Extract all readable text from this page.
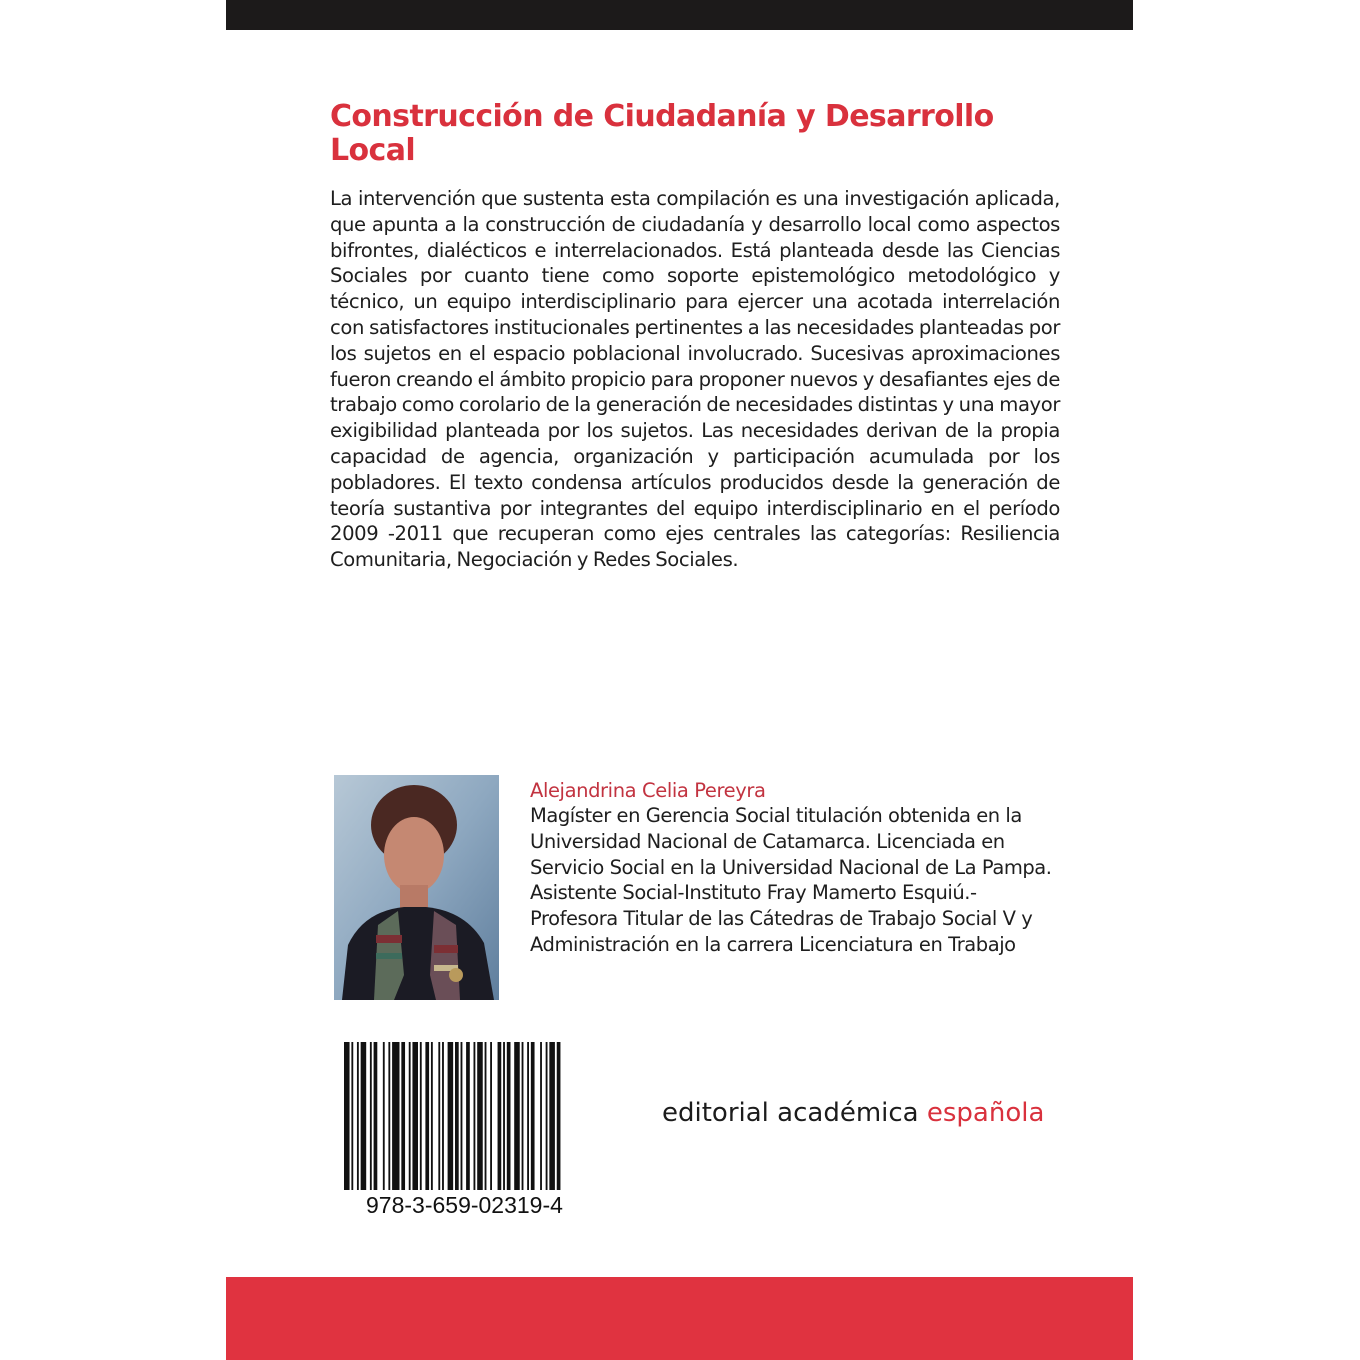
Construcción de Ciudadanía y Desarrollo Local

La intervención que sustenta esta compilación es una investigación aplicada, que apunta a la construcción de ciudadanía y desarrollo local como aspectos bifrontes, dialécticos e interrelacionados. Está planteada desde las Ciencias Sociales por cuanto tiene como soporte epistemológico metodológico y técnico, un equipo interdisciplinario para ejercer una acotada interrelación con satisfactores institucionales pertinentes a las necesidades planteadas por los sujetos en el espacio poblacional involucrado. Sucesivas aproximaciones fueron creando el ámbito propicio para proponer nuevos y desafiantes ejes de trabajo como corolario de la generación de necesidades distintas y una mayor exigibilidad planteada por los sujetos. Las necesidades derivan de la propia capacidad de agencia, organización y participación acumulada por los pobladores. El texto condensa artículos producidos desde la generación de teoría sustantiva por integrantes del equipo interdisciplinario en el período 2009 -2011 que recuperan como ejes centrales las categorías: Resiliencia Comunitaria, Negociación y Redes Sociales.

Alejandrina Celia Pereyra

Magíster en Gerencia Social titulación obtenida en la Universidad Nacional de Catamarca. Licenciada en Servicio Social en la Universidad Nacional de La Pampa. Asistente Social-Instituto Fray Mamerto Esquiú.-Profesora Titular de las Cátedras de Trabajo Social V y Administración en la carrera Licenciatura en Trabajo

978-3-659-02319-4
editorial académica española
